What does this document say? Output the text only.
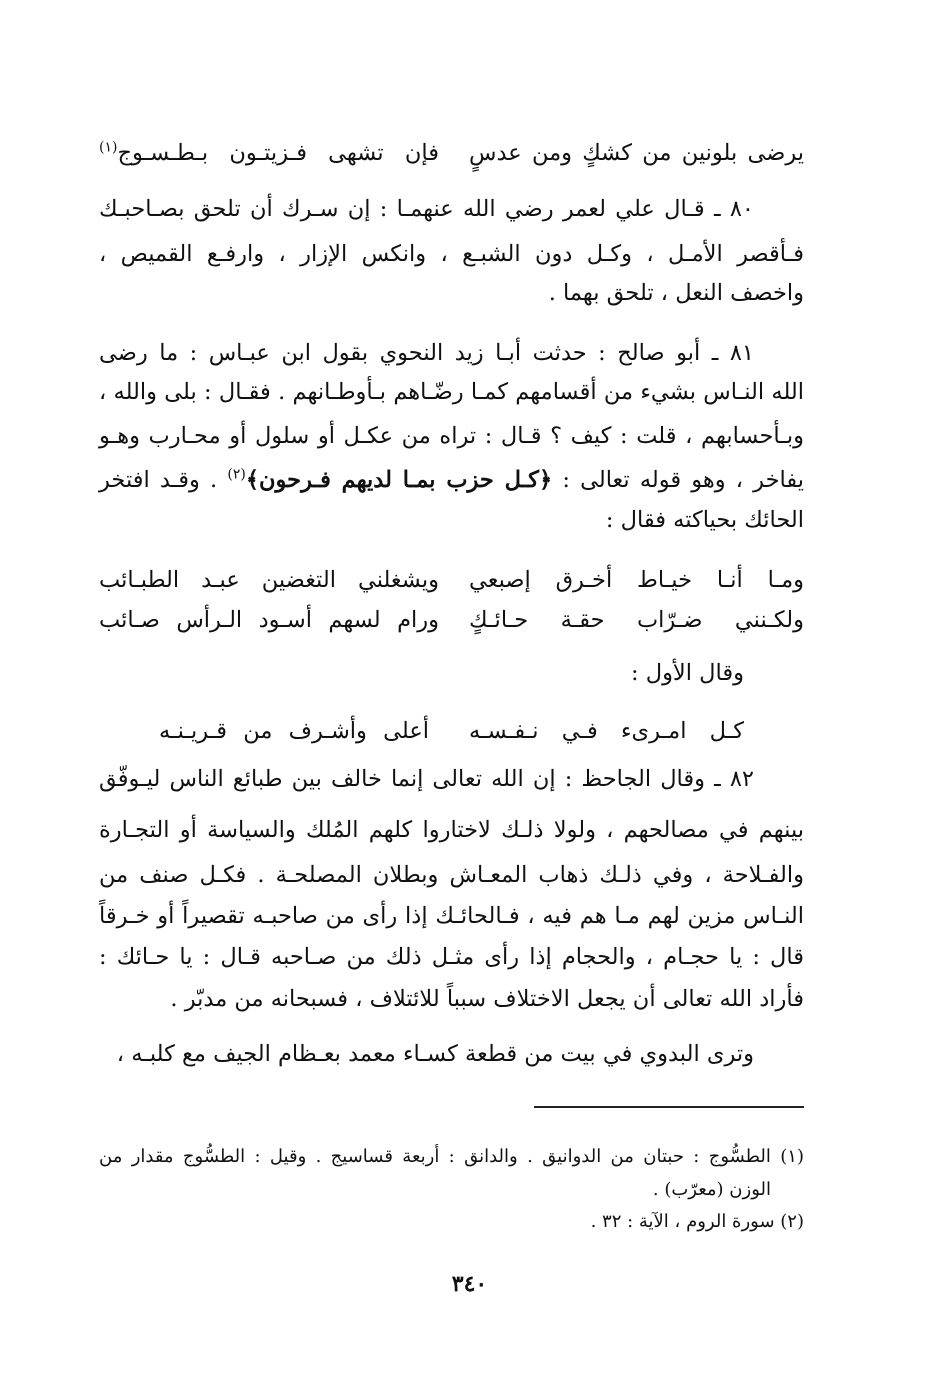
يرضى بلونين من كشكٍ ومن عدسٍ
فإن تشهى فـزيتـون بـطـسـوج$^{(١)}$
٨٠ ـ قـال علي لعمر رضي الله عنهمـا : إن سـرك أن تلحق بصـاحبـك
فـأقصر الأمـل ، وكـل دون الشبـع ، وانكس الإزار ، وارفـع القميص ،
واخصف النعل ، تلحق بهما .
٨١ ـ أبو صالح : حدثت أبـا زيد النحوي بقول ابن عبـاس : ما رضى
الله النـاس بشيء من أقسامهم كمـا رضّـاهم بـأوطـانهم . فقـال : بلى والله ،
وبـأحسابهم ، قلت : كيف ؟ قـال : تراه من عكـل أو سلول أو محـارب وهـو
يفاخر ، وهو قوله تعالى : ﴿كـل حزب بمـا لديهم فـرحون﴾$^{(٢)}$ . وقـد افتخر
الحائك بحياكته فقال :
ومـا أنـا خيـاط أخـرق إصبعي
ويشغلني التغضين عبـد الطبـائب
ولكـنني ضـرّاب حقـة حـائـكٍ
ورام لسهم أسـود الـرأس صـائب
وقال الأول :
كـل امـرىء فـي نـفـسـه
أعلى وأشـرف من قـريـنـه
٨٢ ـ وقال الجاحظ : إن الله تعالى إنما خالف بين طبائع الناس ليـوفّق
بينهم في مصالحهم ، ولولا ذلـك لاختاروا كلهم المُلك والسياسة أو التجـارة
والفـلاحة ، وفي ذلـك ذهاب المعـاش وبطلان المصلحـة . فكـل صنف من
النـاس مزين لهم مـا هم فيه ، فـالحائـك إذا رأى من صاحبـه تقصيراً أو خـرقاً
قال : يا حجـام ، والحجام إذا رأى مثـل ذلك من صـاحبه قـال : يا حـائك :
فأراد الله تعالى أن يجعل الاختلاف سبباً للائتلاف ، فسبحانه من مدبّر .
وترى البدوي في بيت من قطعة كسـاء معمد بعـظام الجيف مع كلبـه ،
(١) الطسُّوج : حبتان من الدوانيق . والدانق : أربعة قساسيج . وقيل : الطسُّوج مقدار من
الوزن (معرّب) .
(٢) سورة الروم ، الآية : ٣٢ .
٣٤٠
